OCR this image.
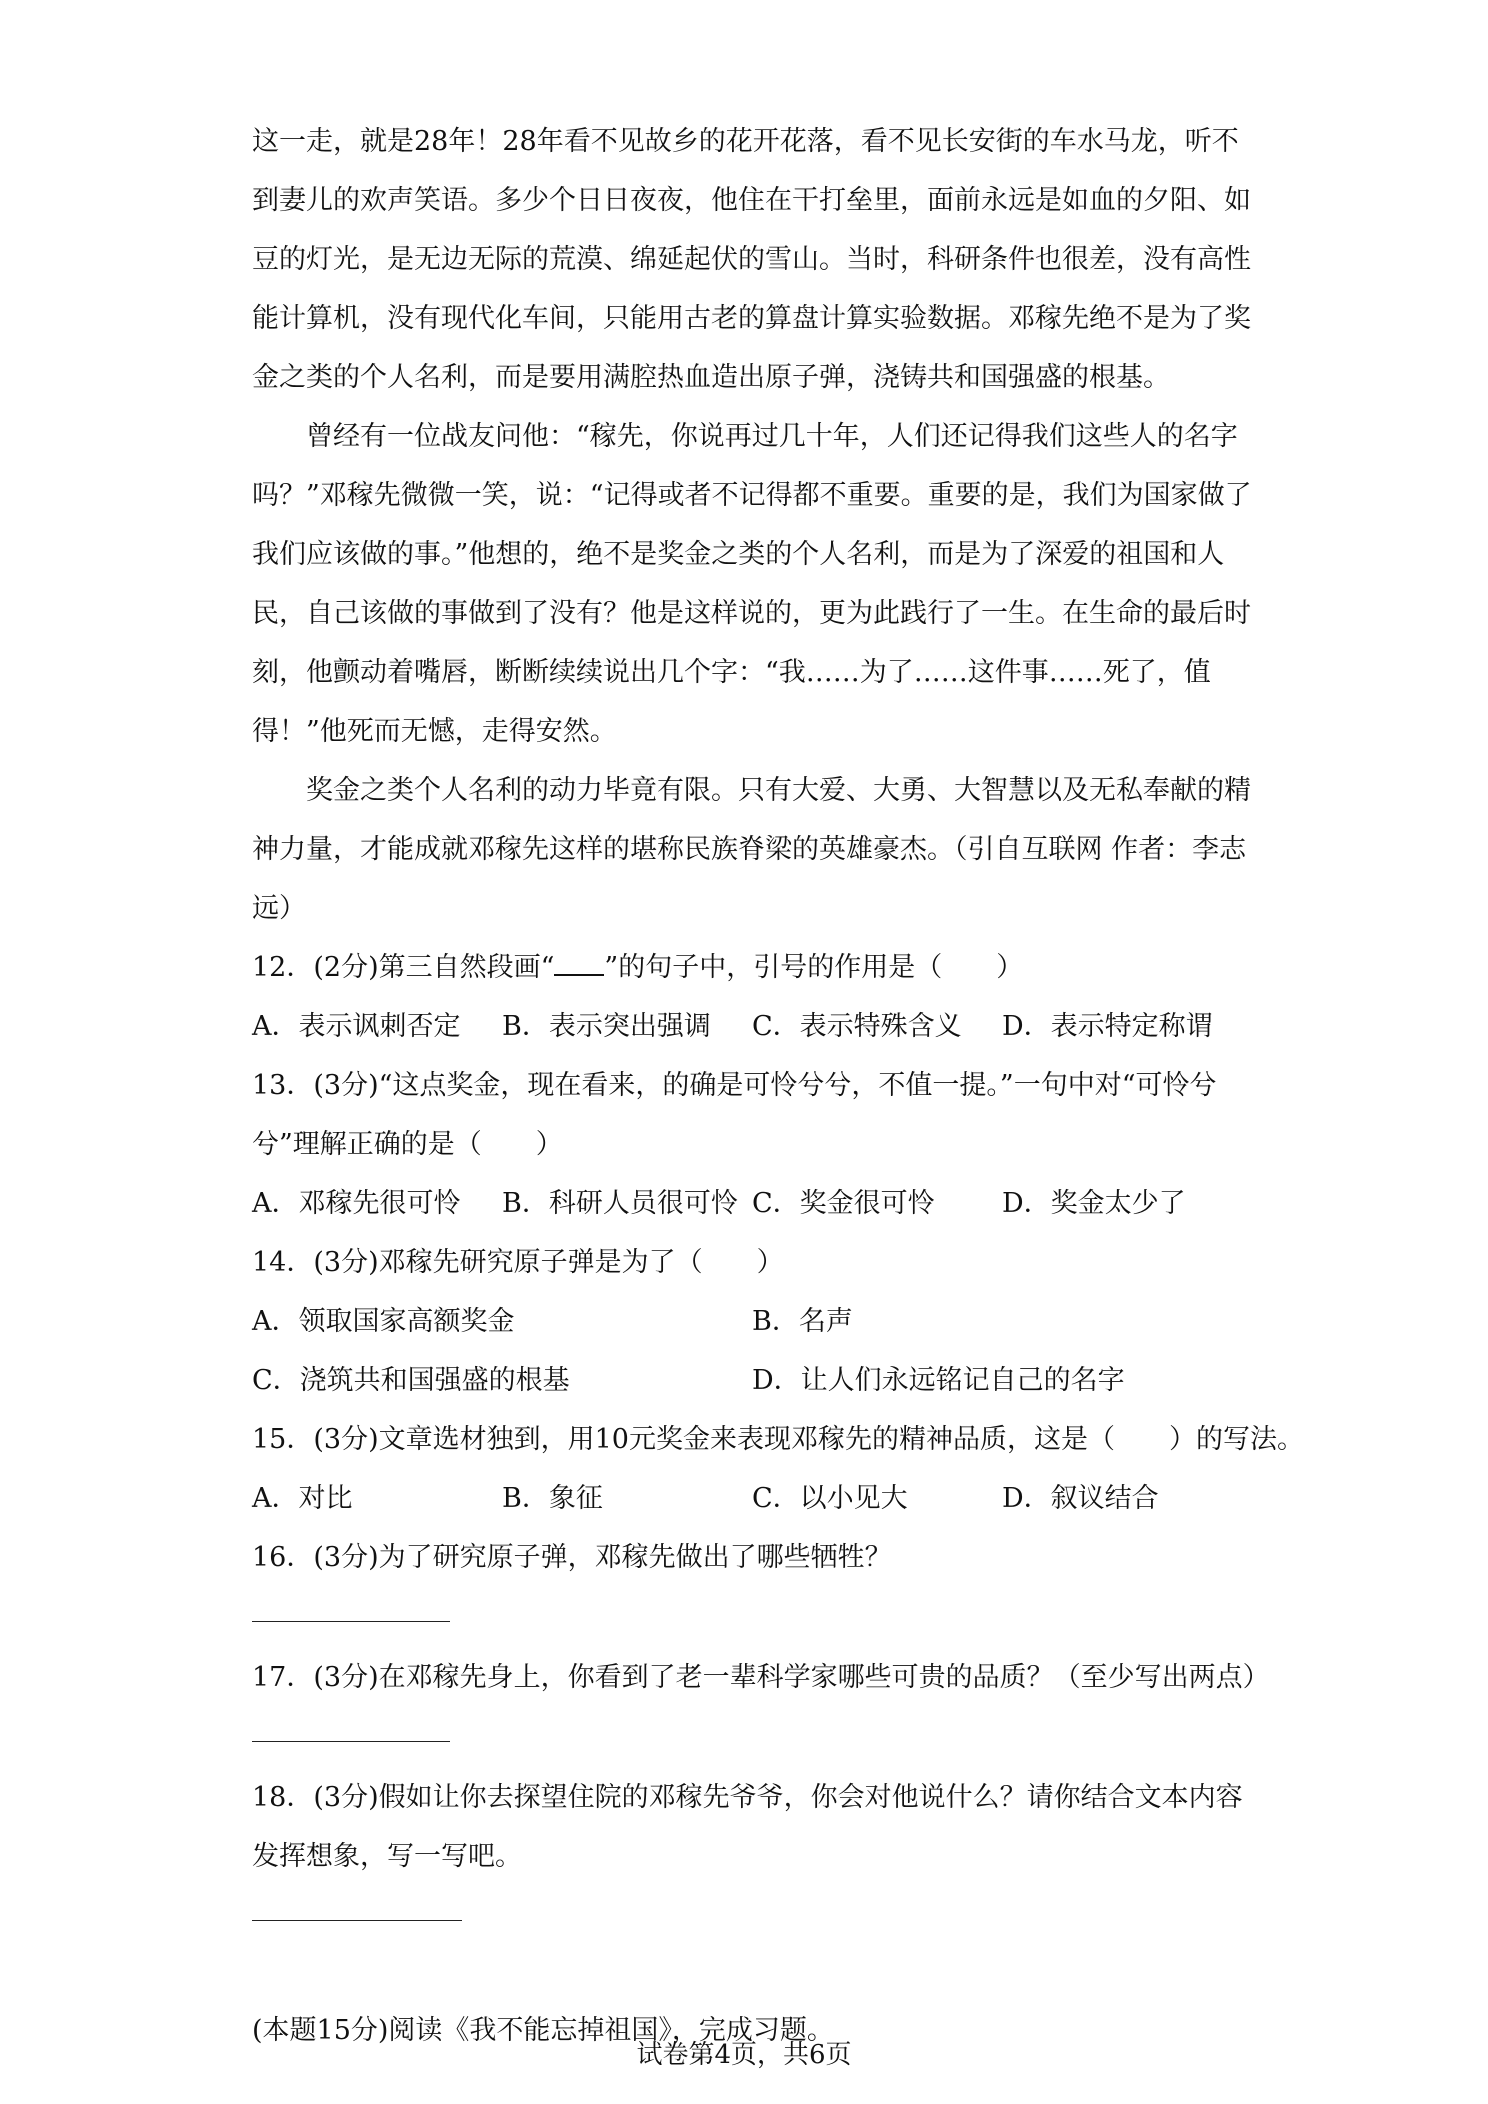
这一走，就是28年！28年看不见故乡的花开花落，看不见长安街的车水马龙，听不到妻儿的欢声笑语。多少个日日夜夜，他住在干打垒里，面前永远是如血的夕阳、如豆的灯光，是无边无际的荒漠、绵延起伏的雪山。当时，科研条件也很差，没有高性能计算机，没有现代化车间，只能用古老的算盘计算实验数据。邓稼先绝不是为了奖金之类的个人名利，而是要用满腔热血造出原子弹，浇铸共和国强盛的根基。

曾经有一位战友问他：“稼先，你说再过几十年，人们还记得我们这些人的名字吗？”邓稼先微微一笑，说：“记得或者不记得都不重要。重要的是，我们为国家做了我们应该做的事。”他想的，绝不是奖金之类的个人名利，而是为了深爱的祖国和人民，自己该做的事做到了没有？他是这样说的，更为此践行了一生。在生命的最后时刻，他颤动着嘴唇，断断续续说出几个字：“我……为了……这件事……死了，值得！”他死而无憾，走得安然。

奖金之类个人名利的动力毕竟有限。只有大爱、大勇、大智慧以及无私奉献的精神力量，才能成就邓稼先这样的堪称民族脊梁的英雄豪杰。（引自互联网 作者：李志远）

12．(2分)第三自然段画“ ”的句子中，引号的作用是（　　）

A．表示讽刺否定	B．表示突出强调	C．表示特殊含义	D．表示特定称谓

13．(3分)“这点奖金，现在看来，的确是可怜兮兮，不值一提。”一句中对“可怜兮兮”理解正确的是（　　）

A．邓稼先很可怜	B．科研人员很可怜 C．奖金很可怜	D．奖金太少了

14．(3分)邓稼先研究原子弹是为了（　　）

A．领取国家高额奖金	B．名声
C．浇筑共和国强盛的根基	D．让人们永远铭记自己的名字

15．(3分)文章选材独到，用10元奖金来表现邓稼先的精神品质，这是（　　）的写法。

A．对比	B．象征	C．以小见大	D．叙议结合

16．(3分)为了研究原子弹，邓稼先做出了哪些牺牲？

17．(3分)在邓稼先身上，你看到了老一辈科学家哪些可贵的品质？（至少写出两点）

18．(3分)假如让你去探望住院的邓稼先爷爷，你会对他说什么？请你结合文本内容发挥想象，写一写吧。

(本题15分)阅读《我不能忘掉祖国》，完成习题。

试卷第4页，共6页
